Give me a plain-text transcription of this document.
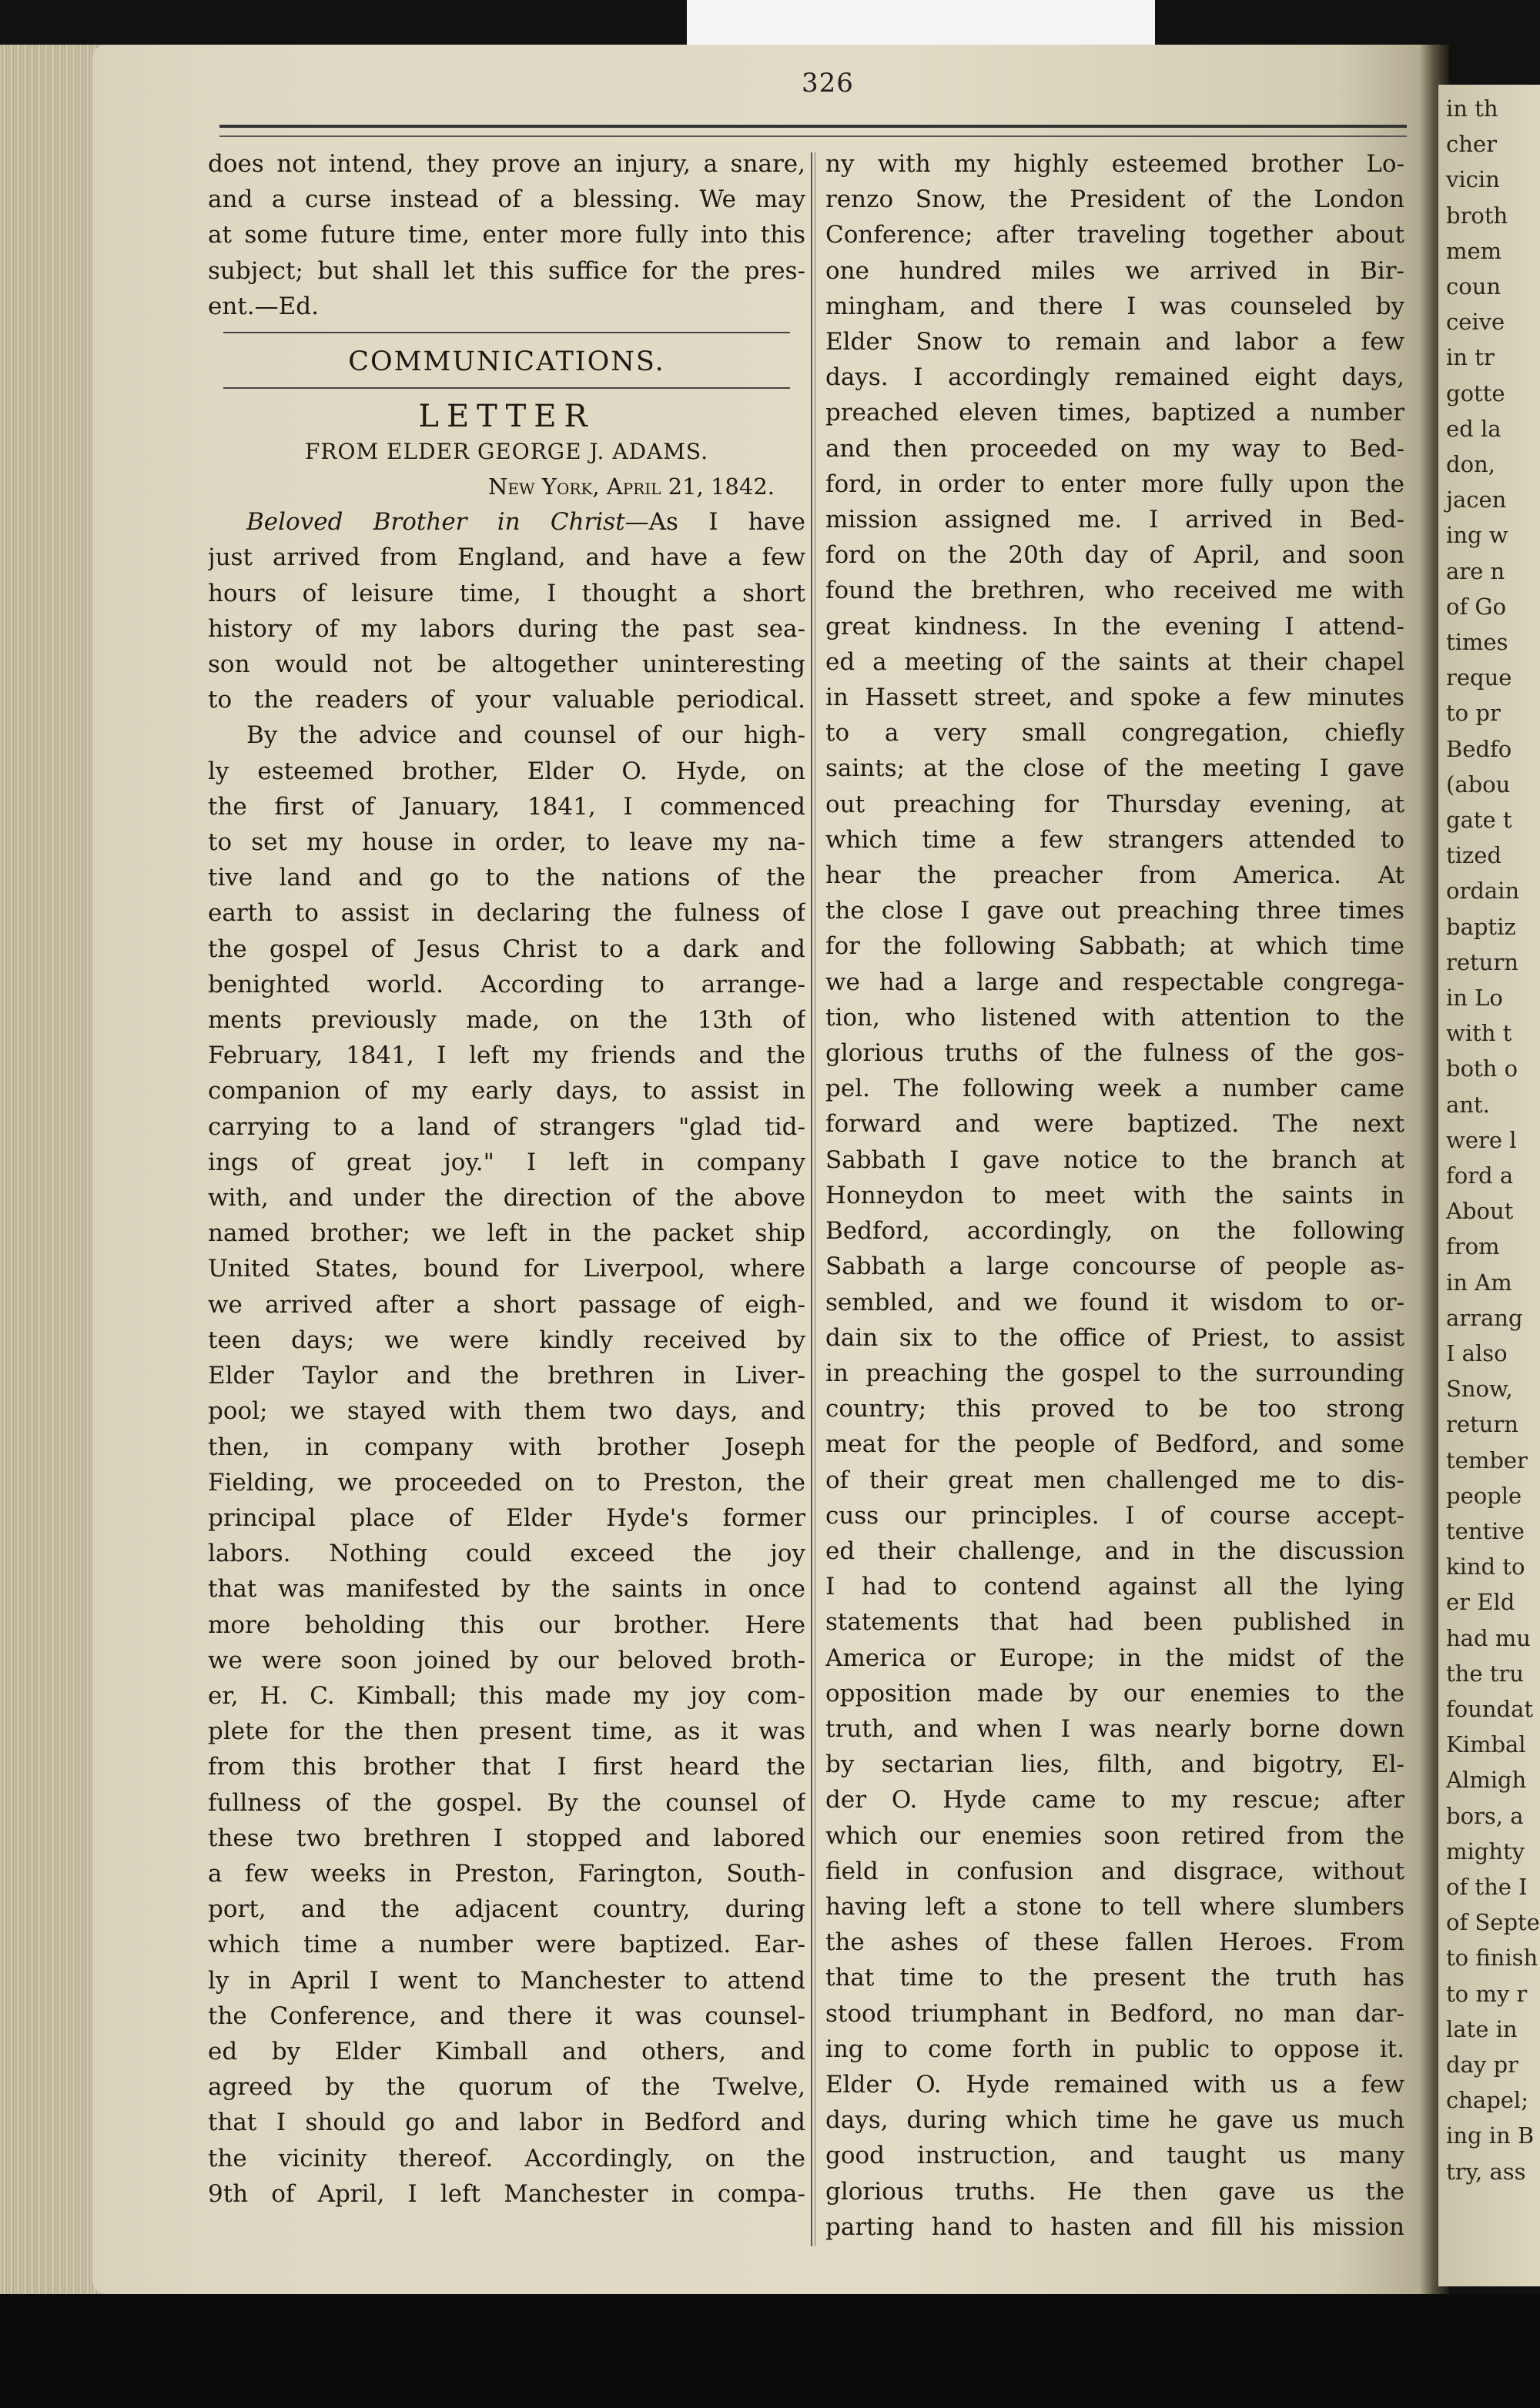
in th
cher
vicin
broth
mem
coun
ceive
in tr
gotte
ed la
don,
jacen
ing w
are n
of Go
times
reque
to pr
Bedfo
(abou
gate t
tized
ordain
baptiz
return
in Lo
with t
both o
ant.
were l
ford a
About
from
in Am
arrang
I also
Snow,
return
tember
people
tentive
kind to
er Eld
had mu
the tru
foundat
Kimbal
Almigh
bors, a
mighty
of the I
of Septe
to finish
to my r
late in
day pr
chapel;
ing in B
try, ass
326
does not intend, they prove an injury, a snare,
and a curse instead of a blessing. We may
at some future time, enter more fully into this
subject; but shall let this suffice for the pres-
ent.—Ed.
COMMUNICATIONS.
LETTER
FROM ELDER GEORGE J. ADAMS.
New York, April 21, 1842.
Beloved Brother in Christ—As I have
just arrived from England, and have a few
hours of leisure time, I thought a short
history of my labors during the past sea-
son would not be altogether uninteresting
to the readers of your valuable periodical.
By the advice and counsel of our high-
ly esteemed brother, Elder O. Hyde, on
the first of January, 1841, I commenced
to set my house in order, to leave my na-
tive land and go to the nations of the
earth to assist in declaring the fulness of
the gospel of Jesus Christ to a dark and
benighted world. According to arrange-
ments previously made, on the 13th of
February, 1841, I left my friends and the
companion of my early days, to assist in
carrying to a land of strangers "glad tid-
ings of great joy." I left in company
with, and under the direction of the above
named brother; we left in the packet ship
United States, bound for Liverpool, where
we arrived after a short passage of eigh-
teen days; we were kindly received by
Elder Taylor and the brethren in Liver-
pool; we stayed with them two days, and
then, in company with brother Joseph
Fielding, we proceeded on to Preston, the
principal place of Elder Hyde's former
labors. Nothing could exceed the joy
that was manifested by the saints in once
more beholding this our brother. Here
we were soon joined by our beloved broth-
er, H. C. Kimball; this made my joy com-
plete for the then present time, as it was
from this brother that I first heard the
fullness of the gospel. By the counsel of
these two brethren I stopped and labored
a few weeks in Preston, Farington, South-
port, and the adjacent country, during
which time a number were baptized. Ear-
ly in April I went to Manchester to attend
the Conference, and there it was counsel-
ed by Elder Kimball and others, and
agreed by the quorum of the Twelve,
that I should go and labor in Bedford and
the vicinity thereof. Accordingly, on the
9th of April, I left Manchester in compa-
ny with my highly esteemed brother Lo-
renzo Snow, the President of the London
Conference; after traveling together about
one hundred miles we arrived in Bir-
mingham, and there I was counseled by
Elder Snow to remain and labor a few
days. I accordingly remained eight days,
preached eleven times, baptized a number
and then proceeded on my way to Bed-
ford, in order to enter more fully upon the
mission assigned me. I arrived in Bed-
ford on the 20th day of April, and soon
found the brethren, who received me with
great kindness. In the evening I attend-
ed a meeting of the saints at their chapel
in Hassett street, and spoke a few minutes
to a very small congregation, chiefly
saints; at the close of the meeting I gave
out preaching for Thursday evening, at
which time a few strangers attended to
hear the preacher from America. At
the close I gave out preaching three times
for the following Sabbath; at which time
we had a large and respectable congrega-
tion, who listened with attention to the
glorious truths of the fulness of the gos-
pel. The following week a number came
forward and were baptized. The next
Sabbath I gave notice to the branch at
Honneydon to meet with the saints in
Bedford, accordingly, on the following
Sabbath a large concourse of people as-
sembled, and we found it wisdom to or-
dain six to the office of Priest, to assist
in preaching the gospel to the surrounding
country; this proved to be too strong
meat for the people of Bedford, and some
of their great men challenged me to dis-
cuss our principles. I of course accept-
ed their challenge, and in the discussion
I had to contend against all the lying
statements that had been published in
America or Europe; in the midst of the
opposition made by our enemies to the
truth, and when I was nearly borne down
by sectarian lies, filth, and bigotry, El-
der O. Hyde came to my rescue; after
which our enemies soon retired from the
field in confusion and disgrace, without
having left a stone to tell where slumbers
the ashes of these fallen Heroes. From
that time to the present the truth has
stood triumphant in Bedford, no man dar-
ing to come forth in public to oppose it.
Elder O. Hyde remained with us a few
days, during which time he gave us much
good instruction, and taught us many
glorious truths. He then gave us the
parting hand to hasten and fill his mission
